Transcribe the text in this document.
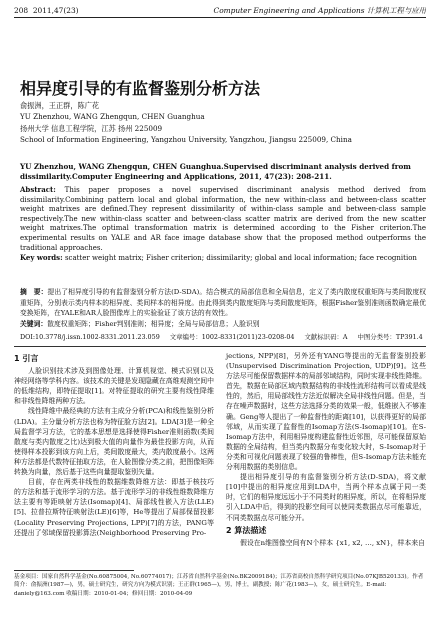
208 2011,47(23)	Computer Engineering and Applications 计算机工程与应用
相异度引导的有监督鉴别分析方法
俞振洲，王正群，陈广花
YU Zhenzhou, WANG Zhengqun, CHEN Guanghua
扬州大学 信息工程学院，江苏 扬州 225009
School of Information Engineering, Yangzhou University, Yangzhou, Jiangsu 225009, China
YU Zhenzhou, WANG Zhengqun, CHEN Guanghua.Supervised discriminant analysis derived from dissimilarity.Computer Engineering and Applications, 2011, 47(23): 208-211.
Abstract: This paper proposes a novel supervised discriminant analysis method derived from dissimilarity.Combining pattern local and global information, the new within-class and between-class scatter weight matrixes are defined.They represent dissimilarity of within-class sample and between-class sample respectively.The new within-class scatter and between-class scatter matrix are derived from the new scatter weight matrixes.The optimal transformation matrix is determined according to the Fisher criterion.The experimental results on YALE and AR face image database show that the proposed method outperforms the traditional approaches.
Key words: scatter weight matrix; Fisher criterion; dissimilarity; global and local information; face recognition
摘　要：提出了相异度引导的有监督鉴别分析方法(D-SDA)。结合模式的局部信息和全局信息，定义了类内散度权重矩阵与类间散度权重矩阵，分别表示类内样本的相异度、类间样本的相异度。由此得到类内散度矩阵与类间散度矩阵，根据Fisher鉴别准则函数确定最优变换矩阵，在YALE和AR人脸图像库上的实验验证了该方法的有效性。
关键词：散度权重矩阵；Fisher判别准则；相异度；全局与局部信息；人脸识别
DOI:10.3778/j.issn.1002-8331.2011.23.059 文章编号：1002-8331(2011)23-0208-04 文献标识码：A 中图分类号：TP391.4
1 引言

人脸识别技术涉及到图像处理、计算机视觉、模式识别以及神经网络等学科内容。该技术的关键是发现隐藏在高维观测空间中的低维结构，即特征提取[1]。对特征提取的研究主要有线性降维和非线性降维两种方法。

线性降维中最经典的方法有主成分分析(PCA)和线性鉴别分析(LDA)。主分量分析方法也称为特征脸方法[2]。LDA[3]是一种全局监督学习方法，它的基本思想是选择使得Fisher准则函数(类间散度与类内散度之比)达到极大值的向量作为最佳投影方向，从而使得样本投影到该方向上后，类间散度最大，类内散度最小。这两种方法都是代数特征抽取方法，在人脸图像分类之前，把图像矩阵转换为向量，然后基于这些向量提取鉴别矢量。

目前，存在两类非线性的数据维数降维方法：即基于核技巧的方法和基于流形学习的方法。基于流形学习的非线性维数降维方法主要有等距映射方法(Isomap)[4]、局部线性嵌入方法(LLE)[5]、拉普拉斯特征映射法(LE)[6]等，He等提出了局部保留投影(Locality Preserving Projections, LPP)[7]的方法，PANG等还提出了邻域保留投影算法(Neighborhood Preserving Pro-

jections, NPP)[8]，另外还有YANG等提出的无监督鉴别投影(Unsupervised Discrimination Projection, UDP)[9]。这些方法尽可能保留数据样本的局部邻域结构，同时实现非线性降维。首先，数据在局部区域内数据结构的非线性流形结构可以看成是线性的，然后，用局部线性方法近似解决全局非线性问题。但是，当存在噪声数据时，这些方法选择分类的效果一般，低维嵌入不够准确。Geng等人提出了一种监督性的距离[10]，以获得更好的局部邻域，从而实现了监督性的Isomap方法(S-Isomap)[10]。在S-Isomap方法中，利用相异度构建监督性近邻图，尽可能保留原始数据的全局结构，但当类内数据分布变化较大时，S-Isomap对于分类和可视化问题表现了较强的鲁棒性，但S-Isomap方法未能充分利用数据的类别信息。

提出相异度引导的有监督鉴别分析方法(D-SDA)，将文献[10]中提出的相异度应用到LDA中，当两个样本点属于同一类时，它们的相异度远远小于不同类时的相异度，所以，在将相异度引入LDA中后，得到的投影空间可以使同类数据点尽可能靠近，不同类数据点尽可能分开。

2 算法描述

假设在n维图像空间有N个样本 {x1, x2, …, xN}，样本来自

基金项目：国家自然科学基金(No.60875004, No.60774017)；江苏省自然科学基金(No.BK2009184)；江苏省高校自然科学研究项目(No.07KJB520133)。作者简介：俞振洲(1987—)，男，硕士研究生，研究方向为模式识别；王正群(1965—)，男，博士，副教授；陈广花(1983—)，女，硕士研究生。E-mail: daniely@163.com 收稿日期：2010-01-04；修回日期：2010-04-09
